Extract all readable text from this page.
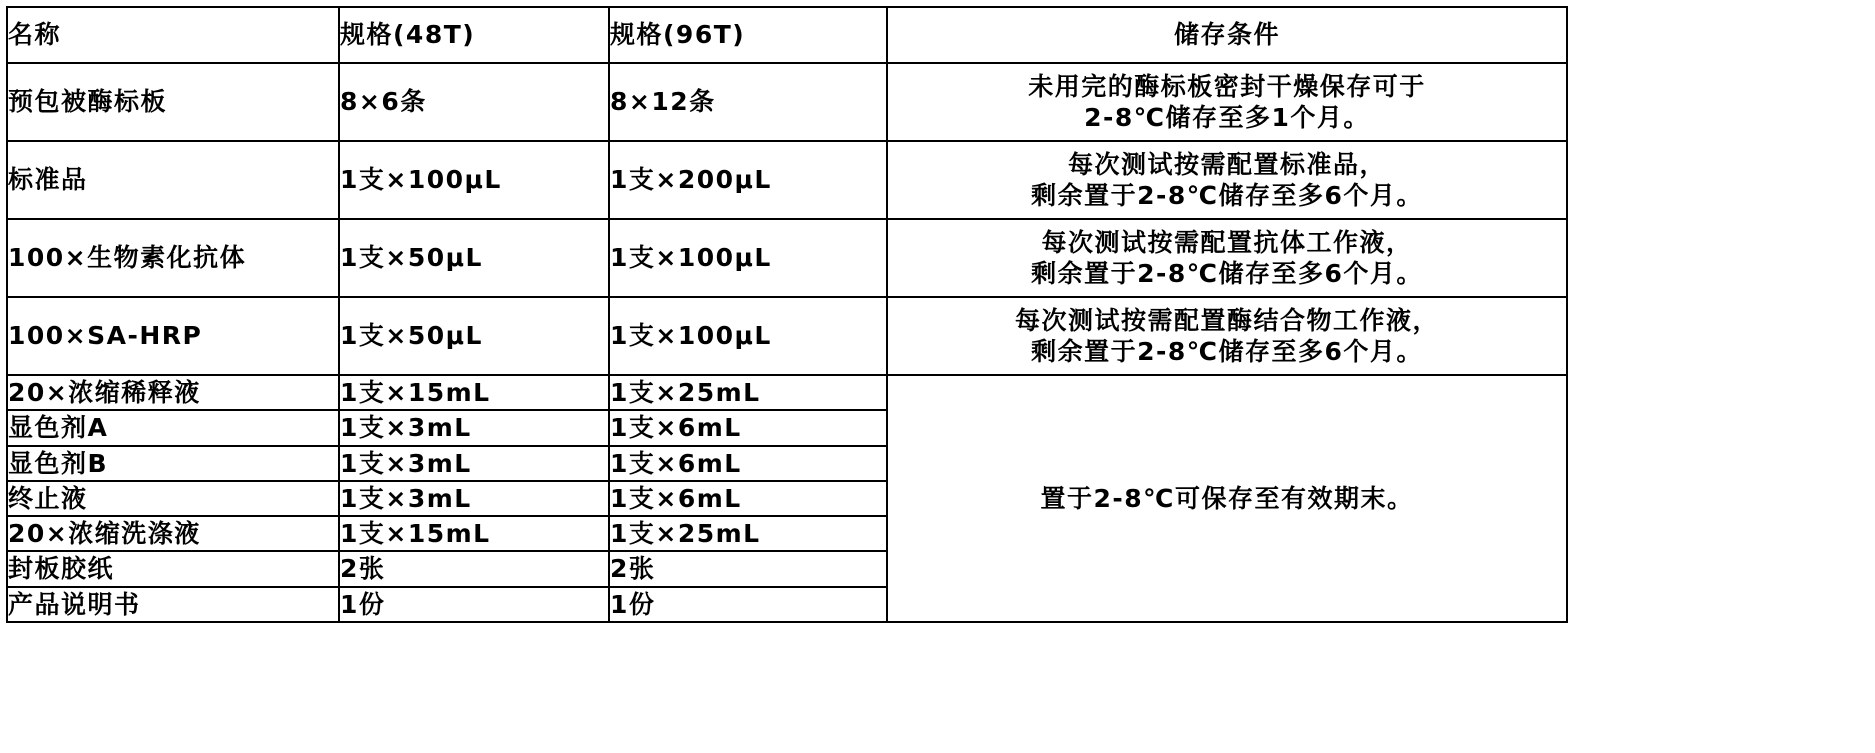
名称	规格(48T)	规格(96T)	储存条件
预包被酶标板	8×6条	8×12条	未用完的酶标板密封干燥保存可于
2-8℃储存至多1个月。

标准品	1支×100μL	1支×200μL	每次测试按需配置标准品，
剩余置于2-8℃储存至多6个月。

100×生物素化抗体	1支×50μL	1支×100μL	每次测试按需配置抗体工作液，
剩余置于2-8℃储存至多6个月。

100×SA-HRP	1支×50μL	1支×100μL	每次测试按需配置酶结合物工作液，
剩余置于2-8℃储存至多6个月。

20×浓缩稀释液	1支×15mL	1支×25mL	置于2-8℃可保存至有效期末。
显色剂A	1支×3mL	1支×6mL	
显色剂B	1支×3mL	1支×6mL	
终止液	1支×3mL	1支×6mL	
20×浓缩洗涤液	1支×15mL	1支×25mL	
封板胶纸	2张	2张	
产品说明书	1份	1份	
